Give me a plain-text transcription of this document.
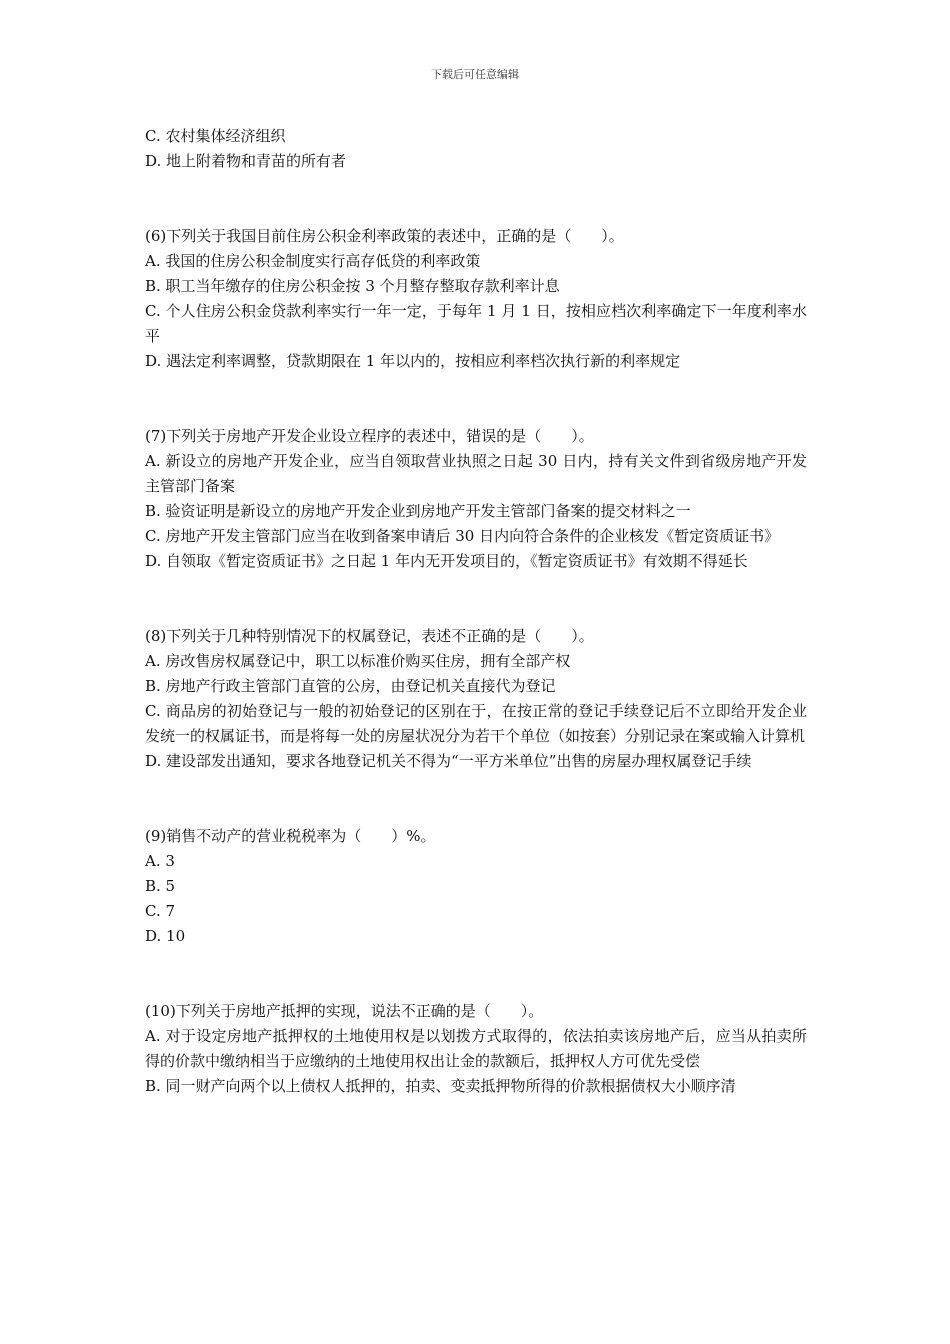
下载后可任意编辑
C. 农村集体经济组织
D. 地上附着物和青苗的所有者
(6)下列关于我国目前住房公积金利率政策的表述中，正确的是（　　）。
A. 我国的住房公积金制度实行高存低贷的利率政策
B. 职工当年缴存的住房公积金按 3 个月整存整取存款利率计息
C. 个人住房公积金贷款利率实行一年一定，于每年 1 月 1 日，按相应档次利率确定下一年度利率水平
D. 遇法定利率调整，贷款期限在 1 年以内的，按相应利率档次执行新的利率规定
(7)下列关于房地产开发企业设立程序的表述中，错误的是（　　）。
A. 新设立的房地产开发企业，应当自领取营业执照之日起 30 日内，持有关文件到省级房地产开发主管部门备案
B. 验资证明是新设立的房地产开发企业到房地产开发主管部门备案的提交材料之一
C. 房地产开发主管部门应当在收到备案申请后 30 日内向符合条件的企业核发《暂定资质证书》
D. 自领取《暂定资质证书》之日起 1 年内无开发项目的，《暂定资质证书》有效期不得延长
(8)下列关于几种特别情况下的权属登记，表述不正确的是（　　）。
A. 房改售房权属登记中，职工以标准价购买住房，拥有全部产权
B. 房地产行政主管部门直管的公房，由登记机关直接代为登记
C. 商品房的初始登记与一般的初始登记的区别在于，在按正常的登记手续登记后不立即给开发企业发统一的权属证书，而是将每一处的房屋状况分为若干个单位（如按套）分别记录在案或输入计算机
D. 建设部发出通知，要求各地登记机关不得为“一平方米单位”出售的房屋办理权属登记手续
(9)销售不动产的营业税税率为（　　）%。
A. 3
B. 5
C. 7
D. 10
(10)下列关于房地产抵押的实现，说法不正确的是（　　）。
A. 对于设定房地产抵押权的土地使用权是以划拨方式取得的，依法拍卖该房地产后，应当从拍卖所得的价款中缴纳相当于应缴纳的土地使用权出让金的款额后，抵押权人方可优先受偿
B. 同一财产向两个以上债权人抵押的，拍卖、变卖抵押物所得的价款根据债权大小顺序清
